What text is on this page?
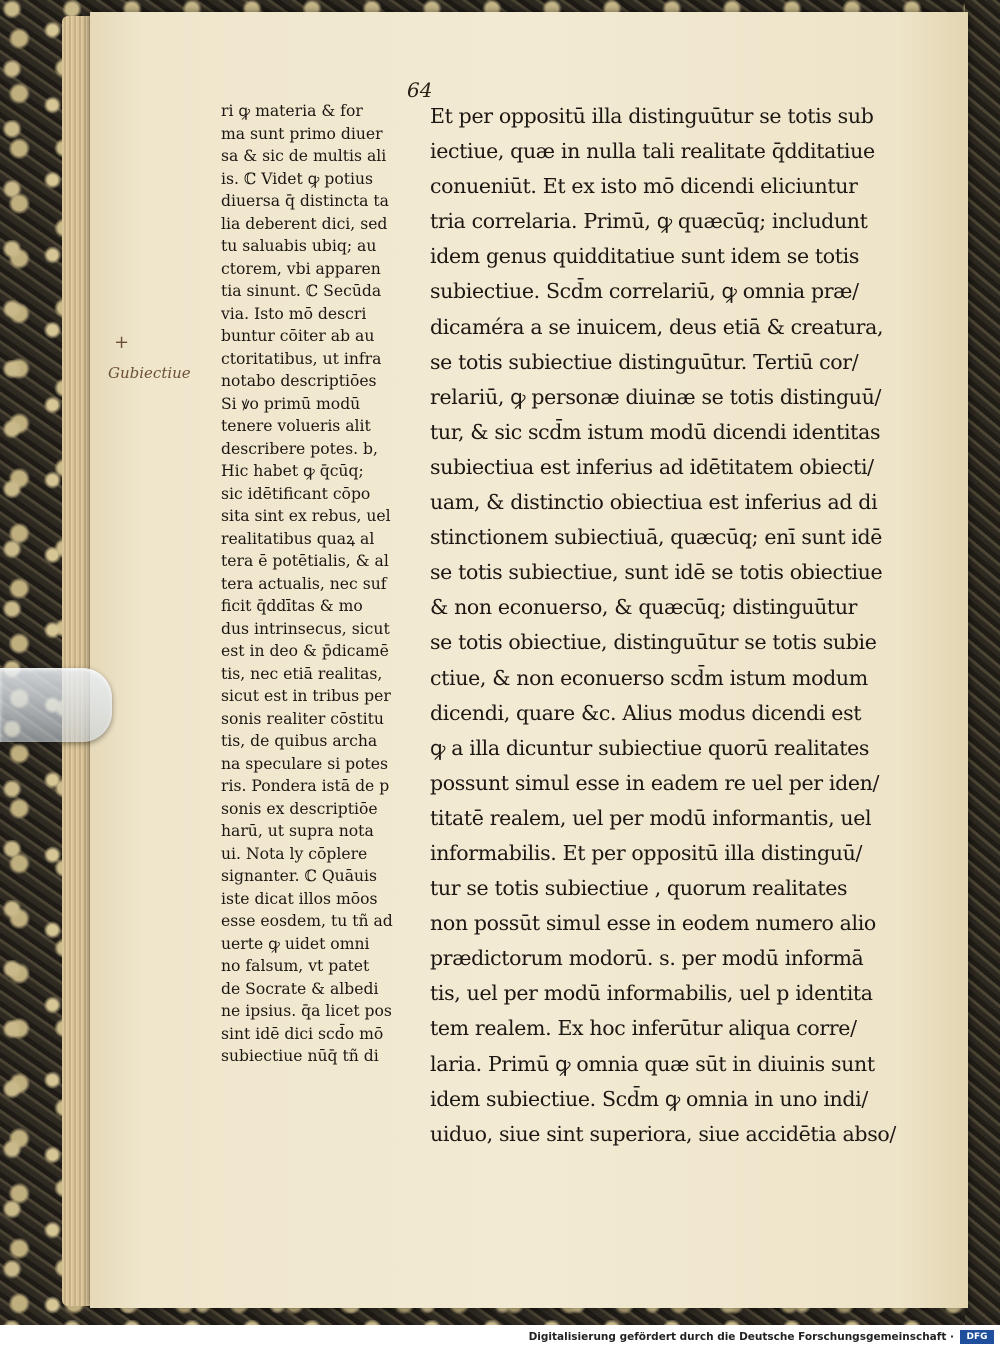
+
Gubiectiue
64
ri ꝙ materia & for
ma sunt primo diuer
sa & sic de multis ali
is. ℂ Videt ꝙ potius
diuersa q̄ distincta ta
lia deberent dici, sed
tu saluabis ubiq; au
ctorem, vbi apparen
tia sinunt. ℂ Secūda
via. Isto mō descri
buntur cōiter ab au
ctoritatibus, ut infra
notabo descriptiōes
Si ꝟo primū modū
tenere volueris alit
describere potes. b,
Hic habet ꝙ q̄cūq;
sic idētificant cōpo
sita sint ex rebus, uel
realitatibus quaꝝ al
tera ē potētialis, & al
tera actualis, nec suf
ficit q̄ddītas & mo
dus intrinsecus, sicut
est in deo & p̄dicamē
tis, nec etiā realitas,
sicut est in tribus per
sonis realiter cōstitu
tis, de quibus archa
na speculare si potes
ris. Pondera istā de p
sonis ex descriptiōe
harū, ut supra nota
ui. Nota ly cōplere
signanter. ℂ Quāuis
iste dicat illos mōos
esse eosdem, tu tñ ad
uerte ꝙ uidet omni
no falsum, vt patet
de Socrate & albedi
ne ipsius. q̄a licet pos
sint idē dici scd̄o mō
subiectiue nūq̄ tñ di
Et per oppositū illa distinguūtur se totis sub
iectiue, quæ in nulla tali realitate q̄dditatiue
conueniūt. Et ex isto mō dicendi eliciuntur
tria correlaria. Primū, ꝙ quæcūq; includunt
idem genus quidditatiue sunt idem se totis
subiectiue. Scd̄m correlariū, ꝙ omnia præ/
dicaméra a se inuicem, deus etiā & creatura,
se totis subiectiue distinguūtur. Tertiū cor/
relariū, ꝙ personæ diuinæ se totis distinguū/
tur, & sic scd̄m istum modū dicendi identitas
subiectiua est inferius ad idētitatem obiecti/
uam, & distinctio obiectiua est inferius ad di
stinctionem subiectiuā, quæcūq; enī sunt idē
se totis subiectiue, sunt idē se totis obiectiue
& non econuerso, & quæcūq; distinguūtur
se totis obiectiue, distinguūtur se totis subie
ctiue, & non econuerso scd̄m istum modum
dicendi, quare &c. Alius modus dicendi est
ꝙ a illa dicuntur subiectiue quorū realitates
possunt simul esse in eadem re uel per iden/
titatē realem, uel per modū informantis, uel
informabilis. Et per oppositū illa distinguū/
tur se totis subiectiue , quorum realitates
non possūt simul esse in eodem numero alio
prædictorum modorū. s. per modū informā
tis, uel per modū informabilis, uel p identita
tem realem. Ex hoc inferūtur aliqua corre/
laria. Primū ꝙ omnia quæ sūt in diuinis sunt
idem subiectiue. Scd̄m ꝙ omnia in uno indi/
uiduo, siue sint superiora, siue accidētia abso/
Digitalisierung gefördert durch die Deutsche Forschungsgemeinschaft ·	DFG
